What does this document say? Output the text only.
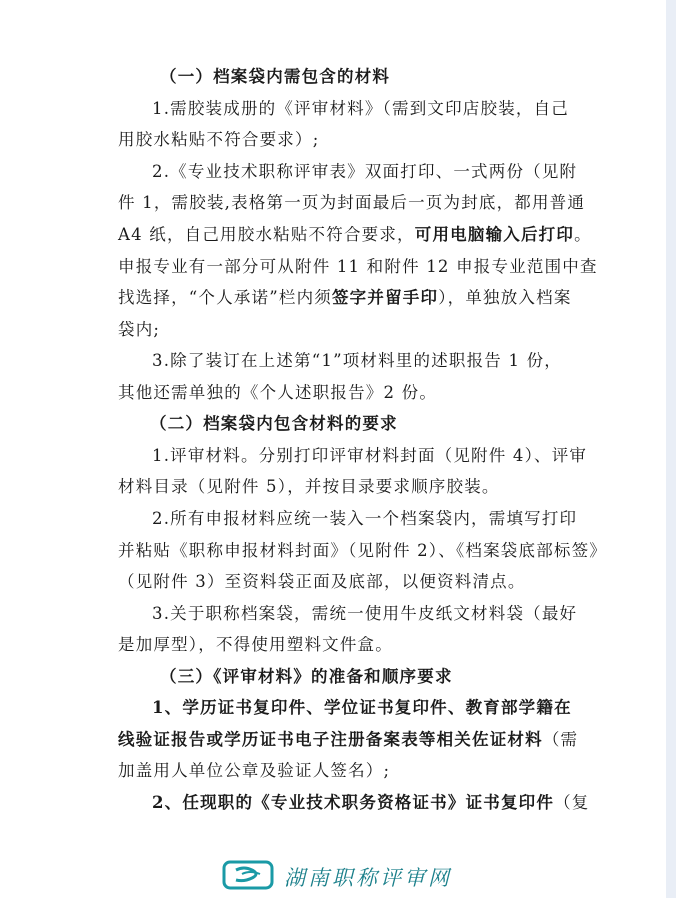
（一）档案袋内需包含的材料
1.需胶装成册的《评审材料》（需到文印店胶装，自己
用胶水粘贴不符合要求）;
2.《专业技术职称评审表》双面打印、一式两份（见附
件 1，需胶装,表格第一页为封面最后一页为封底，都用普通
A4 纸，自己用胶水粘贴不符合要求，可用电脑输入后打印。
申报专业有一部分可从附件 11 和附件 12 申报专业范围中查
找选择，“个人承诺”栏内须签字并留手印），单独放入档案
袋内;
3.除了装订在上述第“1”项材料里的述职报告 1 份，
其他还需单独的《个人述职报告》2 份。
（二）档案袋内包含材料的要求
1.评审材料。分别打印评审材料封面（见附件 4）、评审
材料目录（见附件 5），并按目录要求顺序胶装。
2.所有申报材料应统一装入一个档案袋内，需填写打印
并粘贴《职称申报材料封面》（见附件 2）、《档案袋底部标签》
（见附件 3）至资料袋正面及底部，以便资料清点。
3.关于职称档案袋，需统一使用牛皮纸文材料袋（最好
是加厚型），不得使用塑料文件盒。
（三）《评审材料》的准备和顺序要求
1、学历证书复印件、学位证书复印件、教育部学籍在
线验证报告或学历证书电子注册备案表等相关佐证材料（需
加盖用人单位公章及验证人签名）;
2、任现职的《专业技术职务资格证书》证书复印件（复
湖南职称评审网
